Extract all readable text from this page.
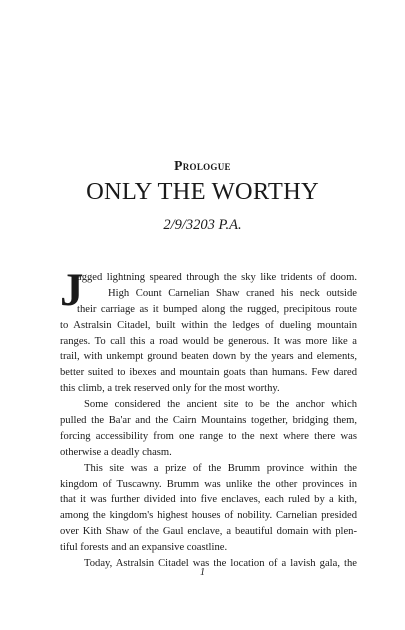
Prologue
ONLY THE WORTHY
2/9/3203 P.A.
J
agged lightning speared through the sky like tridents of doom.
High Count Carnelian Shaw craned his neck outside
their carriage as it bumped along the rugged, precipitous route
to Astralsin Citadel, built within the ledges of dueling mountain
ranges. To call this a road would be generous. It was more like a
trail, with unkempt ground beaten down by the years and elements,
better suited to ibexes and mountain goats than humans. Few dared
this climb, a trek reserved only for the most worthy.
Some considered the ancient site to be the anchor which
pulled the Ba'ar and the Cairn Mountains together, bridging them,
forcing accessibility from one range to the next where there was
otherwise a deadly chasm.
This site was a prize of the Brumm province within the
kingdom of Tuscawny. Brumm was unlike the other provinces in
that it was further divided into five enclaves, each ruled by a kith,
among the kingdom's highest houses of nobility. Carnelian presided
over Kith Shaw of the Gaul enclave, a beautiful domain with plen-
tiful forests and an expansive coastline.
Today, Astralsin Citadel was the location of a lavish gala, the
1
